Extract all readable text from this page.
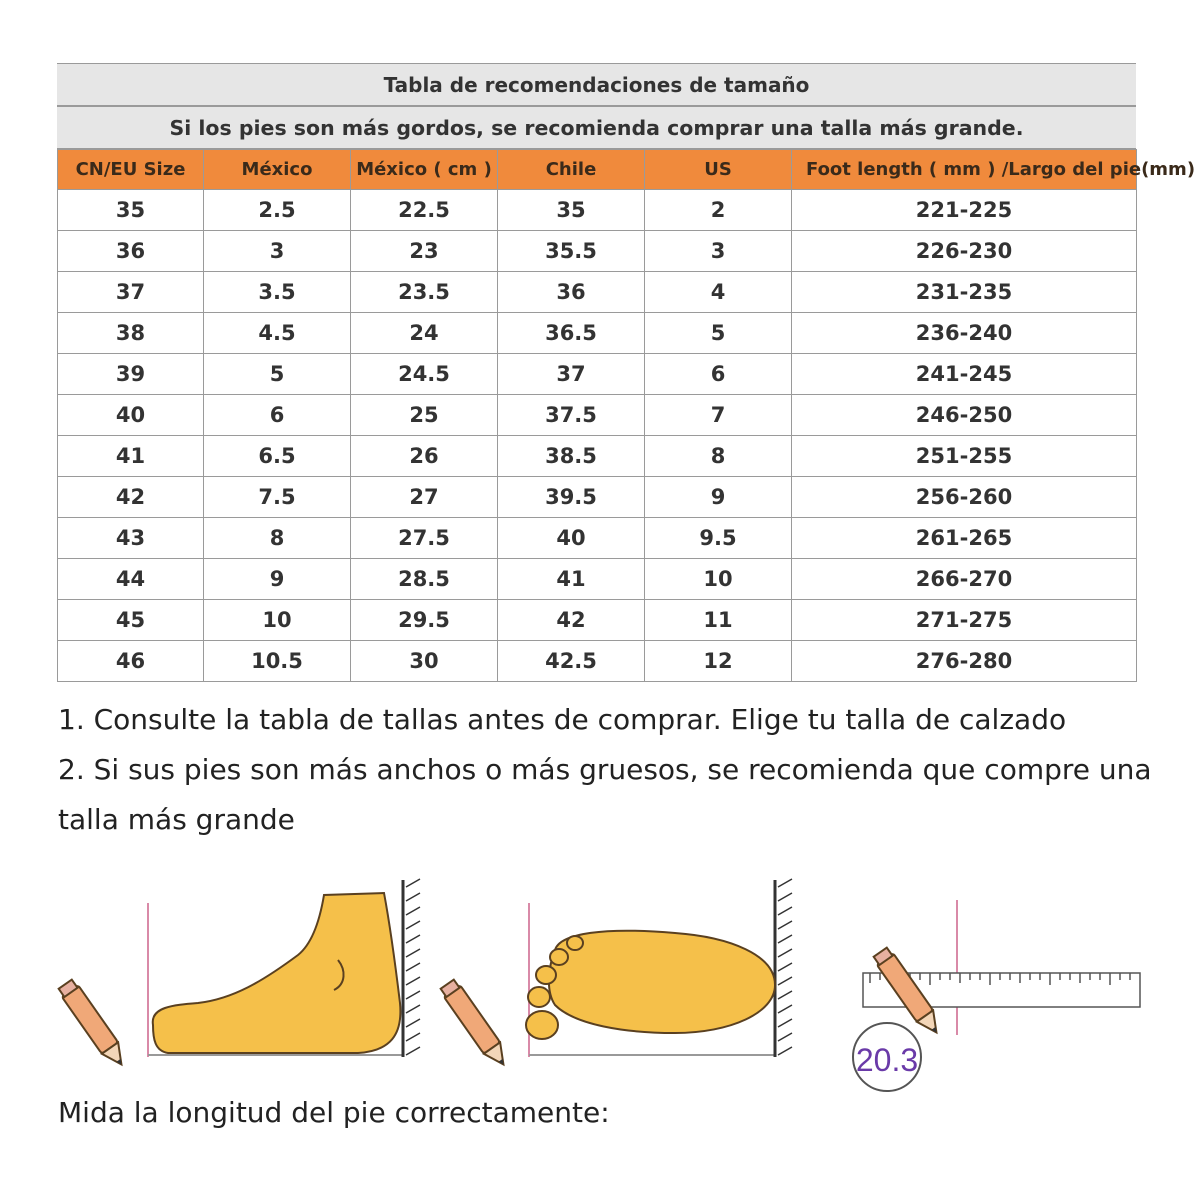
Tabla de recomendaciones de tamaño
Si los pies son más gordos, se recomienda comprar una talla más grande.
CN/EU Size	México	México ( cm )	Chile	US	Foot length ( mm ) /Largo del pie(mm)
35	2.5	22.5	35	2	221-225
36	3	23	35.5	3	226-230
37	3.5	23.5	36	4	231-235
38	4.5	24	36.5	5	236-240
39	5	24.5	37	6	241-245
40	6	25	37.5	7	246-250
41	6.5	26	38.5	8	251-255
42	7.5	27	39.5	9	256-260
43	8	27.5	40	9.5	261-265
44	9	28.5	41	10	266-270
45	10	29.5	42	11	271-275
46	10.5	30	42.5	12	276-280
1. Consulte la tabla de tallas antes de comprar. Elige tu talla de calzado
2. Si sus pies son más anchos o más gruesos, se recomienda que compre una
talla más grande
20.3
Mida la longitud del pie correctamente:
